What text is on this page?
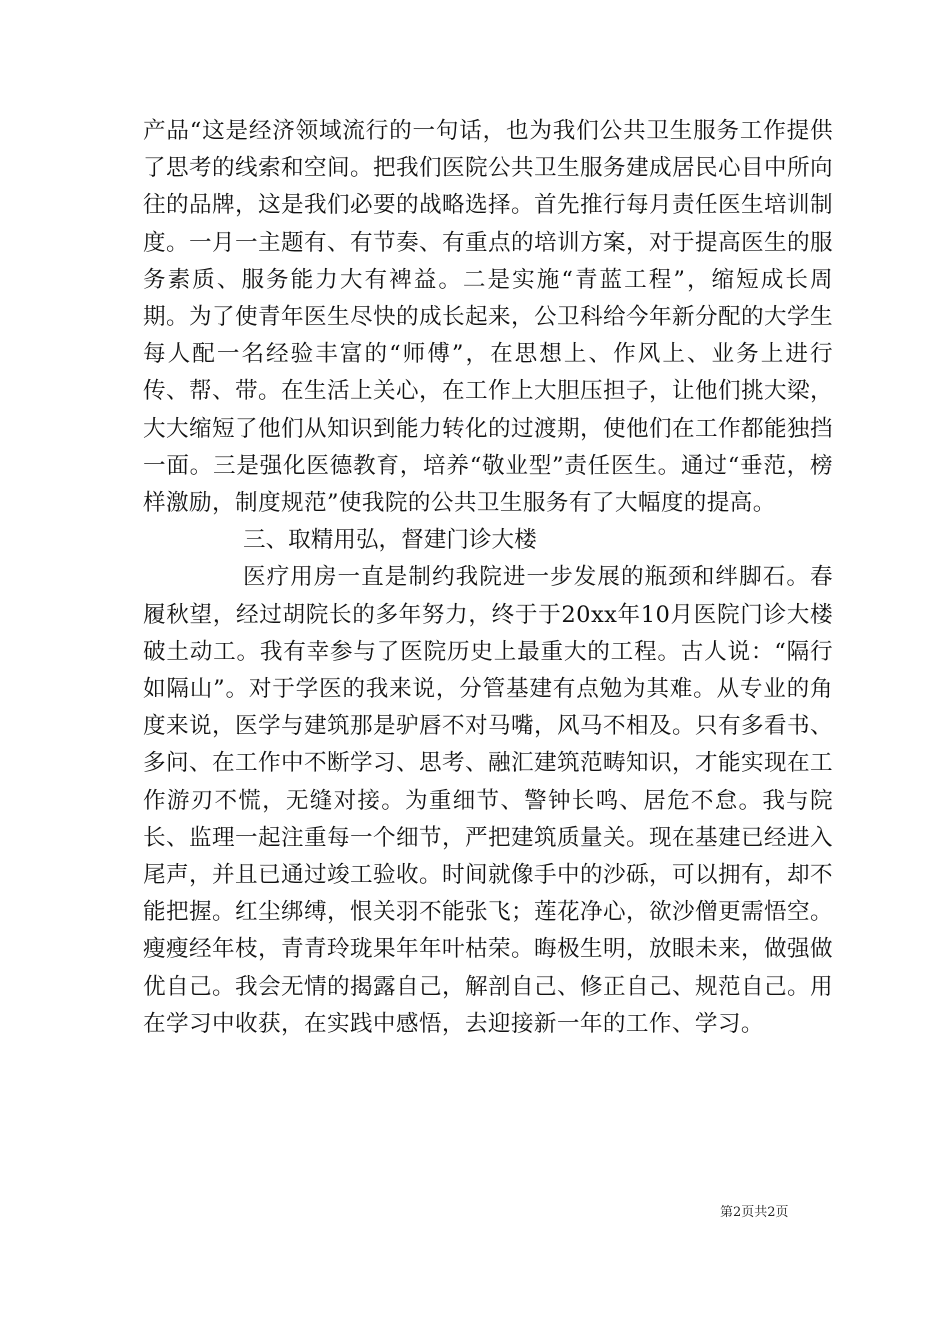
产品“这是经济领域流行的一句话，也为我们公共卫生服务工作提供了思考的线索和空间。把我们医院公共卫生服务建成居民心目中所向往的品牌，这是我们必要的战略选择。首先推行每月责任医生培训制度。一月一主题有、有节奏、有重点的培训方案，对于提高医生的服务素质、服务能力大有裨益。二是实施“青蓝工程”，缩短成长周期。为了使青年医生尽快的成长起来，公卫科给今年新分配的大学生每人配一名经验丰富的“师傅”，在思想上、作风上、业务上进行传、帮、带。在生活上关心，在工作上大胆压担子，让他们挑大梁，大大缩短了他们从知识到能力转化的过渡期，使他们在工作都能独挡一面。三是强化医德教育，培养“敬业型”责任医生。通过“垂范，榜样激励，制度规范”使我院的公共卫生服务有了大幅度的提高。

三、取精用弘，督建门诊大楼

医疗用房一直是制约我院进一步发展的瓶颈和绊脚石。春履秋望，经过胡院长的多年努力，终于于20xx年10月医院门诊大楼破土动工。我有幸参与了医院历史上最重大的工程。古人说：“隔行如隔山”。对于学医的我来说，分管基建有点勉为其难。从专业的角度来说，医学与建筑那是驴唇不对马嘴，风马不相及。只有多看书、多问、在工作中不断学习、思考、融汇建筑范畴知识，才能实现在工作游刃不慌，无缝对接。为重细节、警钟长鸣、居危不怠。我与院长、监理一起注重每一个细节，严把建筑质量关。现在基建已经进入尾声，并且已通过竣工验收。时间就像手中的沙砾，可以拥有，却不能把握。红尘绑缚，恨关羽不能张飞；莲花净心，欲沙僧更需悟空。瘦瘦经年枝，青青玲珑果年年叶枯荣。晦极生明，放眼未来，做强做优自己。我会无情的揭露自己，解剖自己、修正自己、规范自己。用在学习中收获，在实践中感悟，去迎接新一年的工作、学习。

第2页共2页
